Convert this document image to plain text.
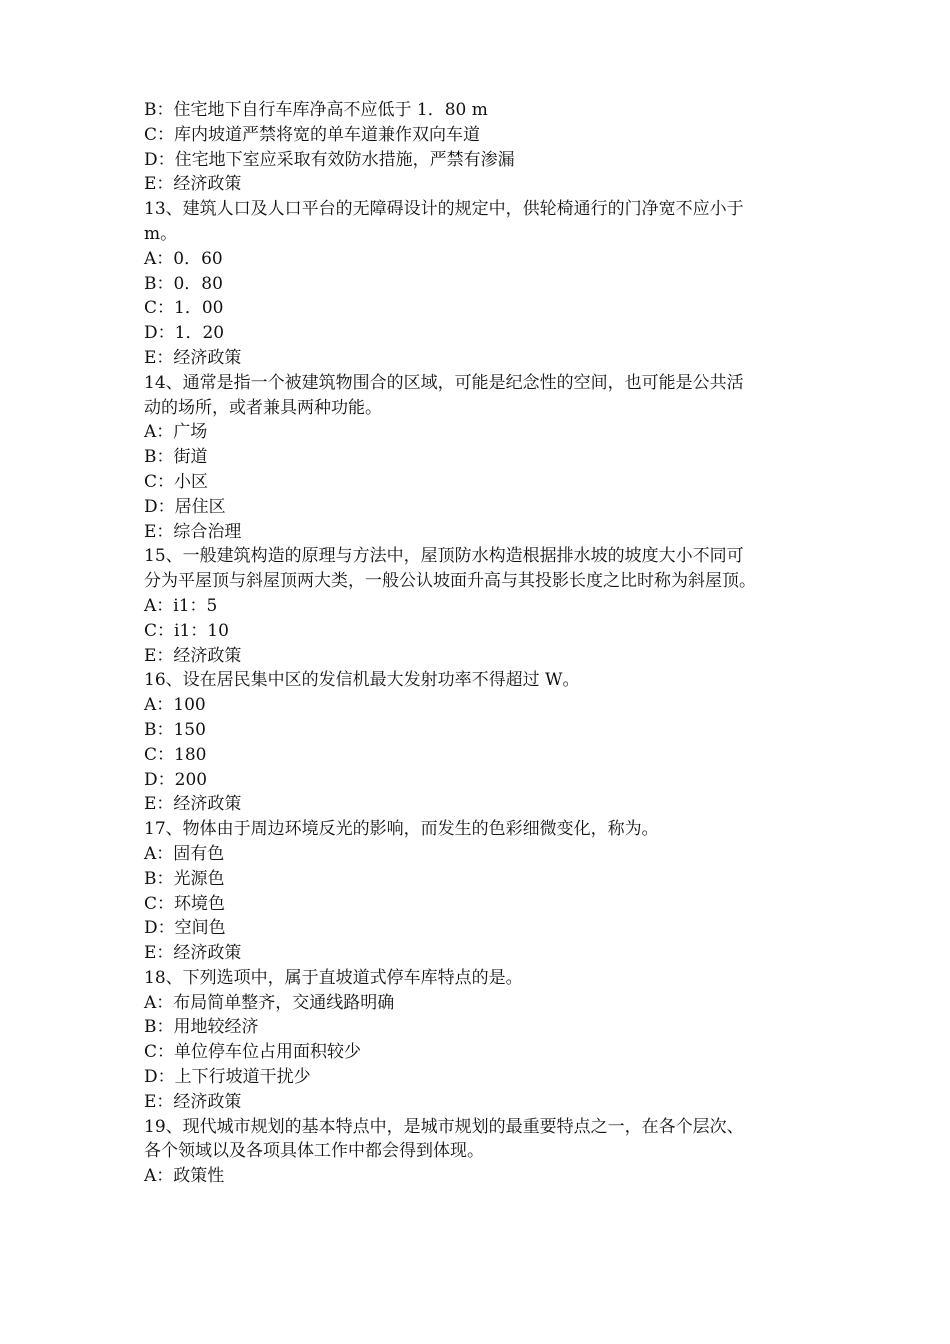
B：住宅地下自行车库净高不应低于 1．80 m
C：库内坡道严禁将宽的单车道兼作双向车道
D：住宅地下室应采取有效防水措施，严禁有渗漏
E：经济政策
13、建筑人口及人口平台的无障碍设计的规定中，供轮椅通行的门净宽不应小于
m。
A：0．60
B：0．80
C：1．00
D：1．20
E：经济政策
14、通常是指一个被建筑物围合的区域，可能是纪念性的空间，也可能是公共活
动的场所，或者兼具两种功能。
A：广场
B：街道
C：小区
D：居住区
E：综合治理
15、一般建筑构造的原理与方法中，屋顶防水构造根据排水坡的坡度大小不同可
分为平屋顶与斜屋顶两大类，一般公认坡面升高与其投影长度之比时称为斜屋顶。
A：i1：5
C：i1：10
E：经济政策
16、设在居民集中区的发信机最大发射功率不得超过 W。
A：100
B：150
C：180
D：200
E：经济政策
17、物体由于周边环境反光的影响，而发生的色彩细微变化，称为。
A：固有色
B：光源色
C：环境色
D：空间色
E：经济政策
18、下列选项中，属于直坡道式停车库特点的是。
A：布局简单整齐，交通线路明确
B：用地较经济
C：单位停车位占用面积较少
D：上下行坡道干扰少
E：经济政策
19、现代城市规划的基本特点中，是城市规划的最重要特点之一，在各个层次、
各个领域以及各项具体工作中都会得到体现。
A：政策性
